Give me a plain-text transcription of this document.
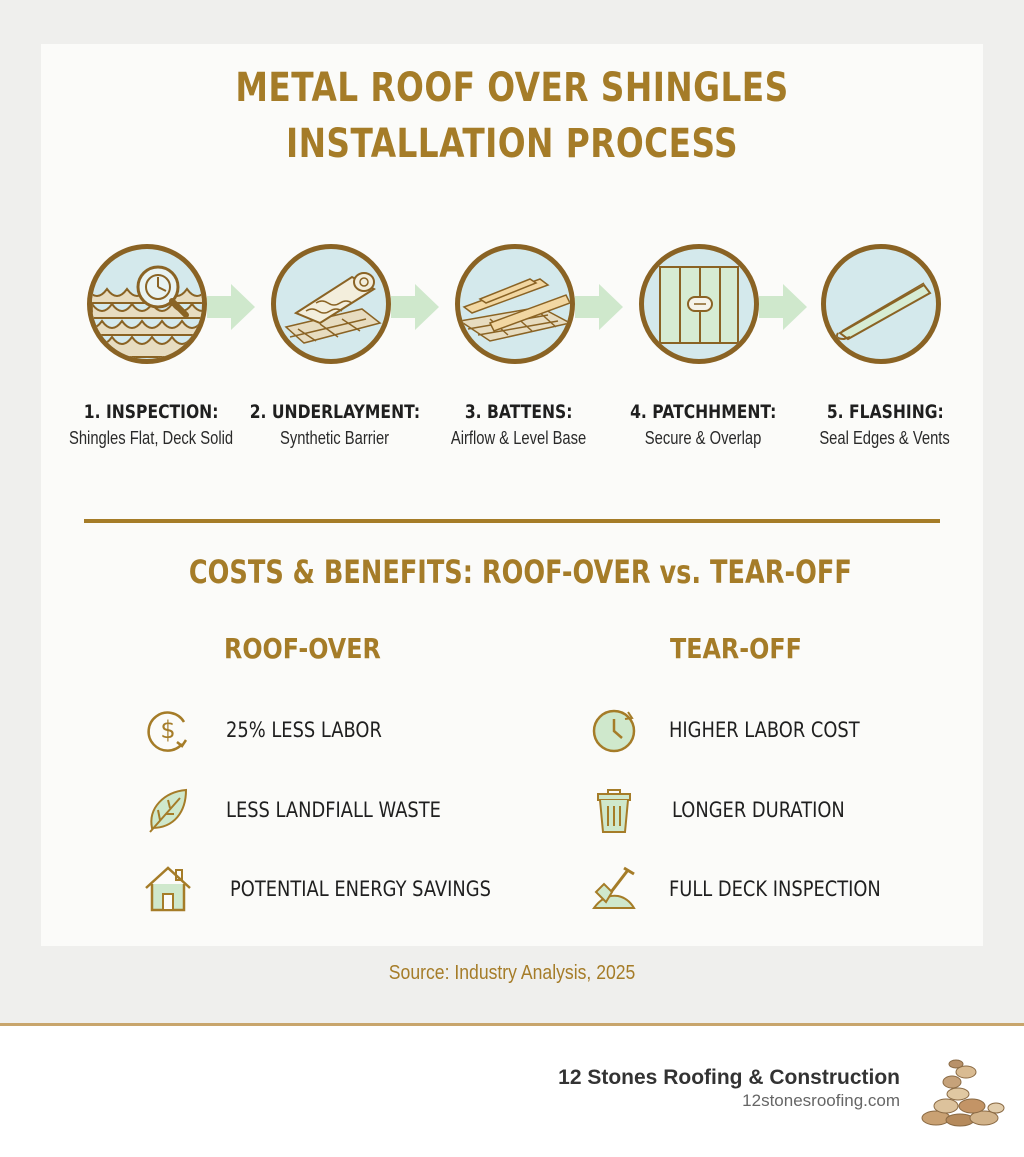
METAL ROOF OVER SHINGLES
INSTALLATION PROCESS
1. INSPECTION:
Shingles Flat, Deck Solid
2. UNDERLAYMENT:
Synthetic Barrier
3. BATTENS:
Airflow & Level Base
4. PATCHHMENT:
Secure & Overlap
5. FLASHING:
Seal Edges & Vents
COSTS & BENEFITS: ROOF-OVER vs. TEAR-OFF
ROOF-OVER	TEAR-OFF
$ 25% LESS LABOR
LESS LANDFIALL WASTE
POTENTIAL ENERGY SAVINGS
HIGHER LABOR COST
LONGER DURATION
FULL DECK INSPECTION
Source: Industry Analysis, 2025
12 Stones Roofing & Construction
12stonesroofing.com
